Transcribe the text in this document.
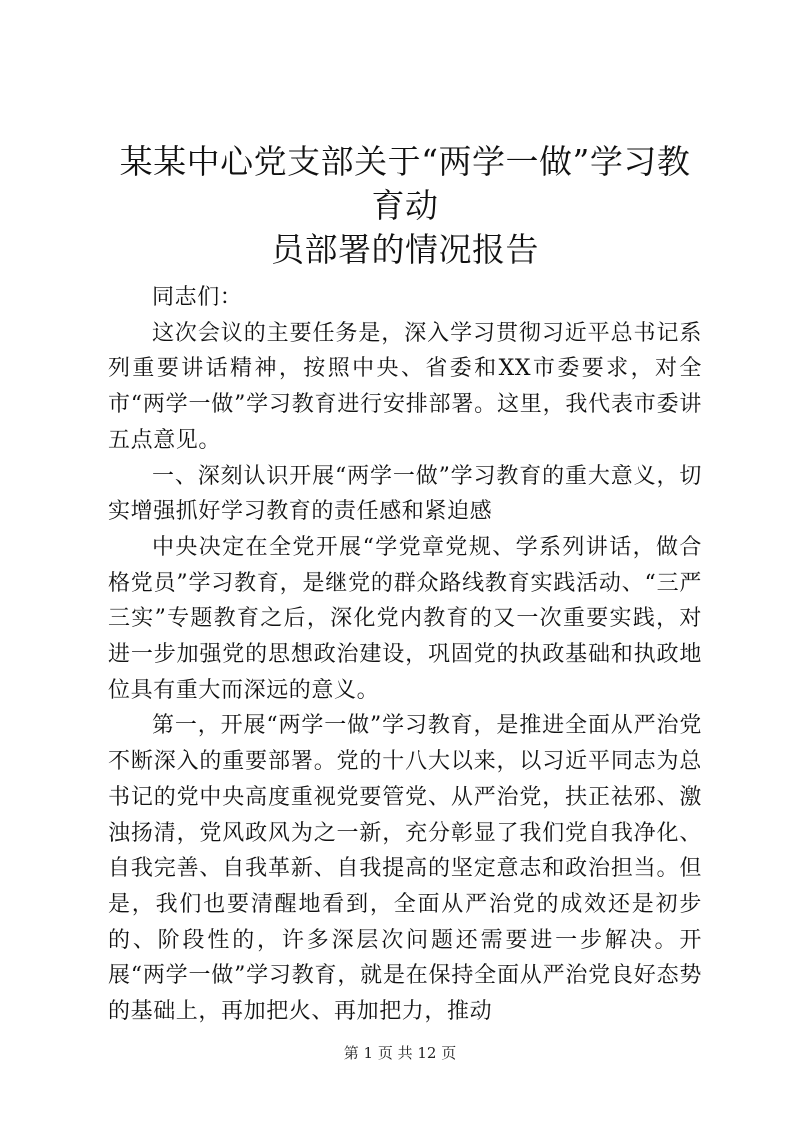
某某中心党支部关于“两学一做”学习教育动
员部署的情况报告

同志们：

这次会议的主要任务是，深入学习贯彻习近平总书记系列重要讲话精神，按照中央、省委和XX市委要求，对全市“两学一做”学习教育进行安排部署。这里，我代表市委讲五点意见。

一、深刻认识开展“两学一做”学习教育的重大意义，切实增强抓好学习教育的责任感和紧迫感

中央决定在全党开展“学党章党规、学系列讲话，做合格党员”学习教育，是继党的群众路线教育实践活动、“三严三实”专题教育之后，深化党内教育的又一次重要实践，对进一步加强党的思想政治建设，巩固党的执政基础和执政地位具有重大而深远的意义。

第一，开展“两学一做”学习教育，是推进全面从严治党不断深入的重要部署。党的十八大以来，以习近平同志为总书记的党中央高度重视党要管党、从严治党，扶正祛邪、激浊扬清，党风政风为之一新，充分彰显了我们党自我净化、自我完善、自我革新、自我提高的坚定意志和政治担当。但是，我们也要清醒地看到，全面从严治党的成效还是初步的、阶段性的，许多深层次问题还需要进一步解决。开展“两学一做”学习教育，就是在保持全面从严治党良好态势的基础上，再加把火、再加把力，推动

第 1 页 共 12 页
